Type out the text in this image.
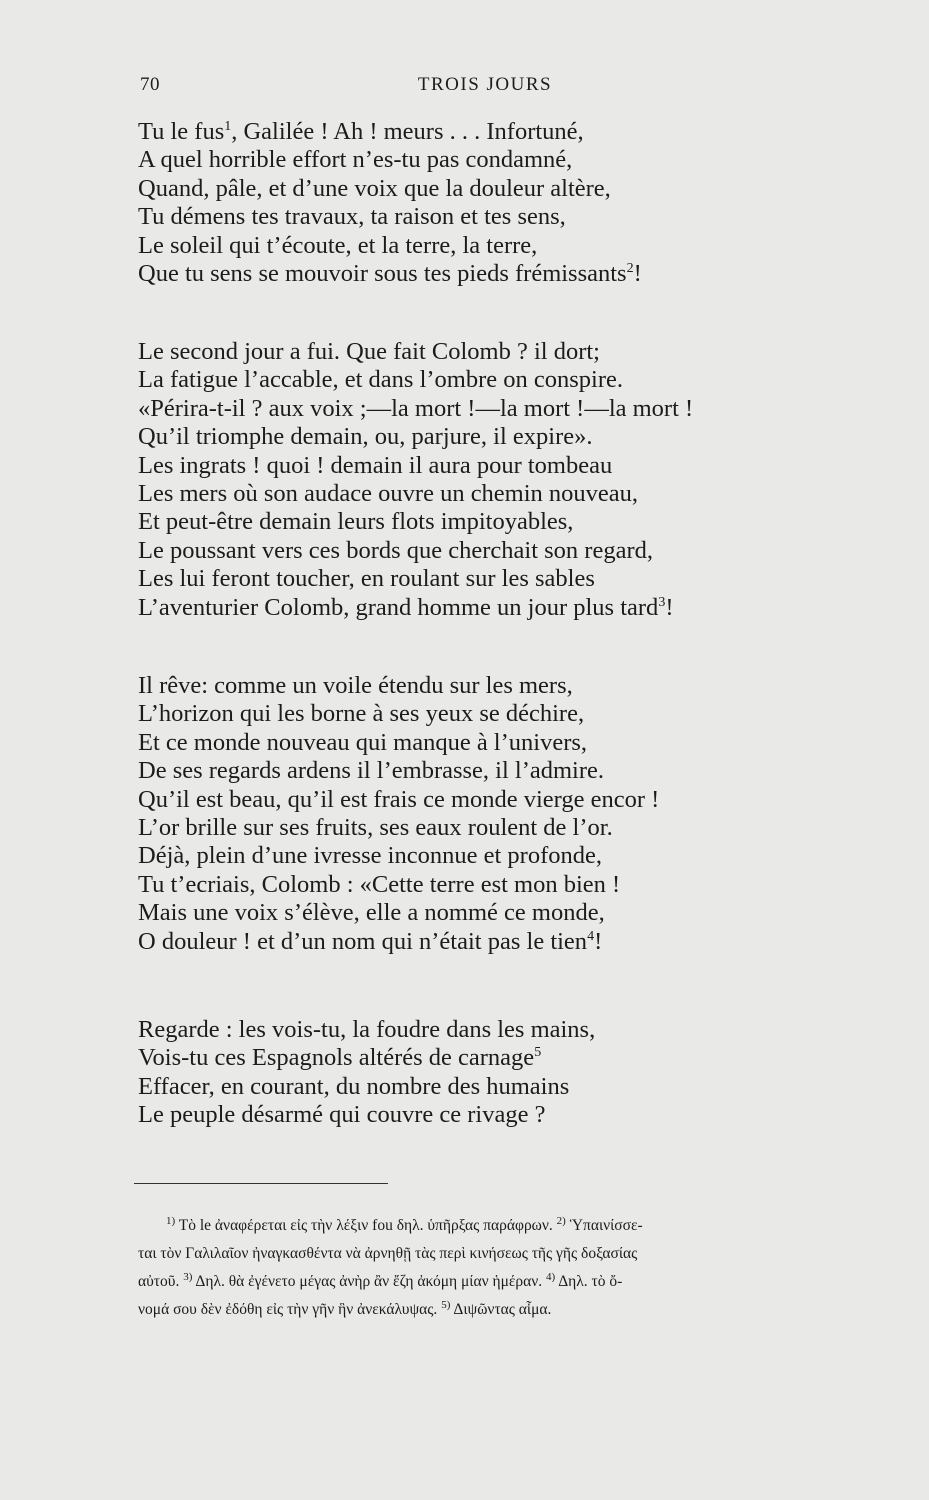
70	TROIS JOURS
Tu le fus$^1$, Galilée ! Ah ! meurs . . . Infortuné,
A quel horrible effort n’es-tu pas condamné,
Quand, pâle, et d’une voix que la douleur altère,
Tu démens tes travaux, ta raison et tes sens,
Le soleil qui t’écoute, et la terre, la terre,
Que tu sens se mouvoir sous tes pieds frémissants$^2$!
Le second jour a fui. Que fait Colomb ? il dort;
La fatigue l’accable, et dans l’ombre on conspire.
«Périra-t-il ? aux voix ;—la mort !—la mort !—la mort !
Qu’il triomphe demain, ou, parjure, il expire».
Les ingrats ! quoi ! demain il aura pour tombeau
Les mers où son audace ouvre un chemin nouveau,
Et peut-être demain leurs flots impitoyables,
Le poussant vers ces bords que cherchait son regard,
Les lui feront toucher, en roulant sur les sables
L’aventurier Colomb, grand homme un jour plus tard$^3$!
Il rêve: comme un voile étendu sur les mers,
L’horizon qui les borne à ses yeux se déchire,
Et ce monde nouveau qui manque à l’univers,
De ses regards ardens il l’embrasse, il l’admire.
Qu’il est beau, qu’il est frais ce monde vierge encor !
L’or brille sur ses fruits, ses eaux roulent de l’or.
Déjà, plein d’une ivresse inconnue et profonde,
Tu t’ecriais, Colomb : «Cette terre est mon bien !
Mais une voix s’élève, elle a nommé ce monde,
O douleur ! et d’un nom qui n’était pas le tien$^4$!
Regarde : les vois-tu, la foudre dans les mains,
Vois-tu ces Espagnols altérés de carnage$^5$
Effacer, en courant, du nombre des humains
Le peuple désarmé qui couvre ce rivage ?
$^{1)}$ Τὸ le ἀναφέρεται εἰς τὴν λέξιν fou δηλ. ὑπῆρξας παράφρων. $^{2)}$ Ὑπαινίσσε-
ται τὸν Γαλιλαῖον ἠναγκασθέντα νὰ ἀρνηθῇ τὰς περὶ κινήσεως τῆς γῆς δοξασίας
αὐτοῦ. $^{3)}$ Δηλ. θὰ ἐγένετο μέγας ἀνὴρ ἂν ἔζη ἀκόμη μίαν ἡμέραν. $^{4)}$ Δηλ. τὸ ὄ-
νομά σου δὲν ἐδόθη εἰς τὴν γῆν ἣν ἀνεκάλυψας. $^{5)}$ Διψῶντας αἷμα.
